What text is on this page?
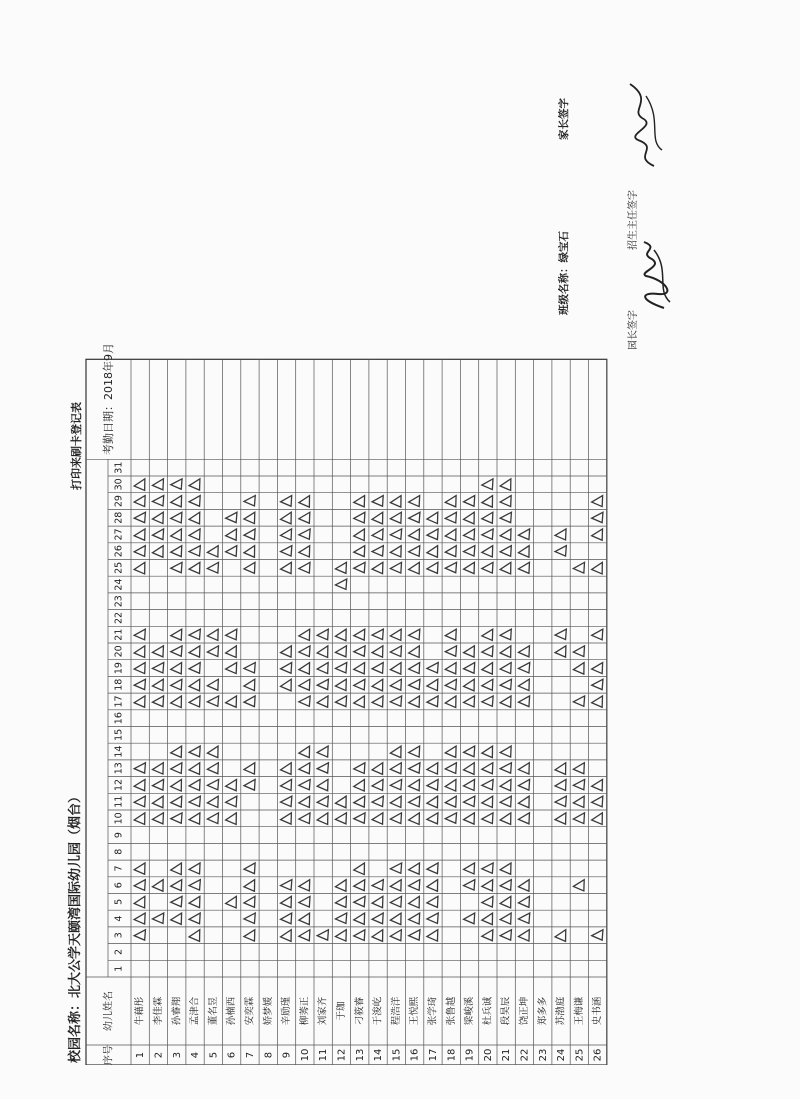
校园名称：北大公学天颐湾国际幼儿园（烟台）
打印来刷卡登记表 考勤日期：2018年9月
序号
幼儿姓名
1
2
3
4
5
6
7
8
9
10
11
12
13
14
15
16
17
18
19
20
21
22
23
24
25
26
27
28
29
30
31
1
牛藉彤
2
李佳霖
3
孙睿翔
4
孟津合
5
董名昱
6
孙楠西
7
安奕霖
8
娇梦媛
9
辛励瑾
10
柳莠正
11
刘家齐
12
于珈
13
刁筱睿
14
于浚屹
15
程浩洋
16
王悦熙
17
张学琦
18
张鲁越
19
梁峻溪
20
杜兵诚
21
段昊辰
22
饶正坤
23
郑多多
24
苏渤庭
25
王梅谦
26
史书涵
班级名称：绿宝石
家长签字
园长签字
招生主任签字
